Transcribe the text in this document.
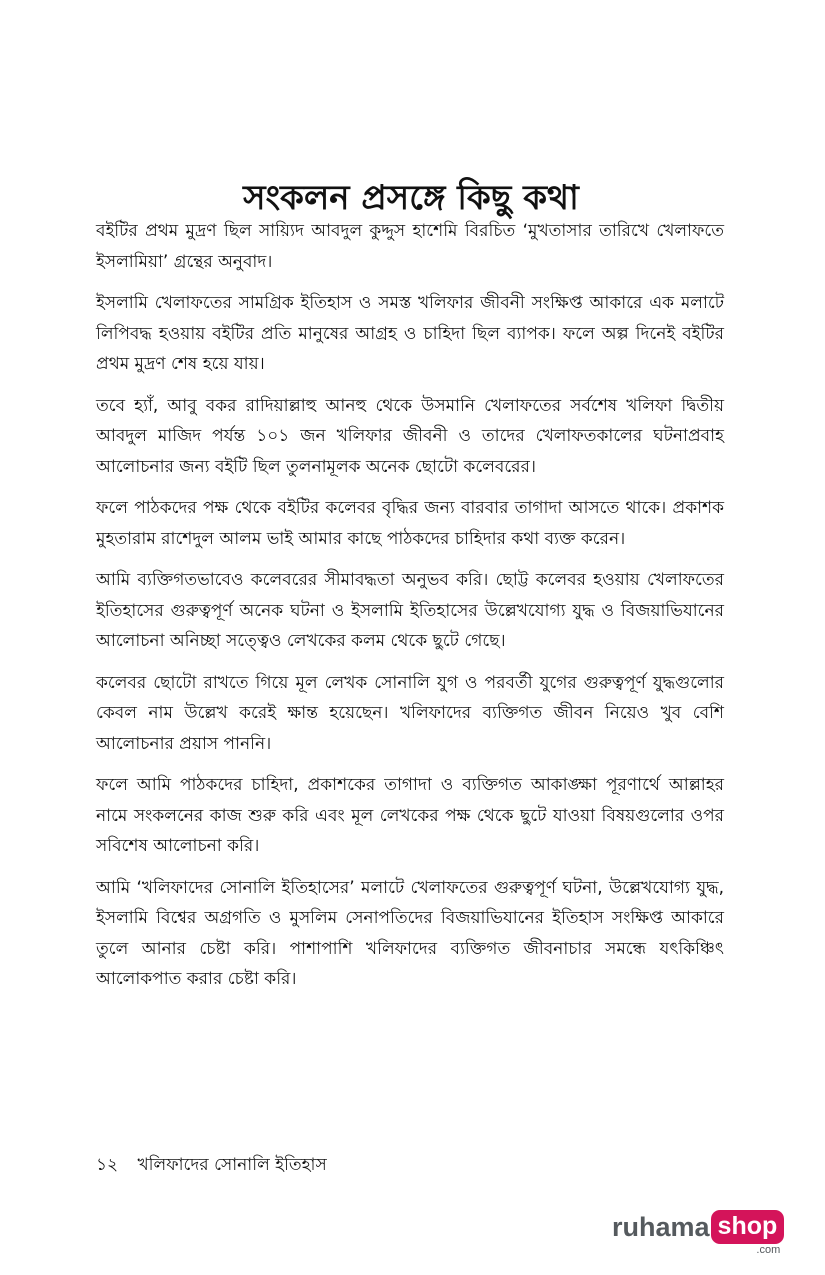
সংকলন প্রসঙ্গে কিছু কথা

বইটির প্রথম মুদ্রণ ছিল সায়্যিদ আবদুল কুদ্দুস হাশেমি বিরচিত ‘মুখতাসার তারিখে খেলাফতে ইসলামিয়া’ গ্রন্থের অনুবাদ।

ইসলামি খেলাফতের সামগ্রিক ইতিহাস ও সমস্ত খলিফার জীবনী সংক্ষিপ্ত আকারে এক মলাটে লিপিবদ্ধ হওয়ায় বইটির প্রতি মানুষের আগ্রহ ও চাহিদা ছিল ব্যাপক। ফলে অল্প দিনেই বইটির প্রথম মুদ্রণ শেষ হয়ে যায়।

তবে হ্যাঁ, আবু বকর রাদিয়াল্লাহু আনহু থেকে উসমানি খেলাফতের সর্বশেষ খলিফা দ্বিতীয় আবদুল মাজিদ পর্যন্ত ১০১ জন খলিফার জীবনী ও তাদের খেলাফতকালের ঘটনাপ্রবাহ আলোচনার জন্য বইটি ছিল তুলনামূলক অনেক ছোটো কলেবরের।

ফলে পাঠকদের পক্ষ থেকে বইটির কলেবর বৃদ্ধির জন্য বারবার তাগাদা আসতে থাকে। প্রকাশক মুহতারাম রাশেদুল আলম ভাই আমার কাছে পাঠকদের চাহিদার কথা ব্যক্ত করেন।

আমি ব্যক্তিগতভাবেও কলেবরের সীমাবদ্ধতা অনুভব করি। ছোট্ট কলেবর হওয়ায় খেলাফতের ইতিহাসের গুরুত্বপূর্ণ অনেক ঘটনা ও ইসলামি ইতিহাসের উল্লেখযোগ্য যুদ্ধ ও বিজয়াভিযানের আলোচনা অনিচ্ছা সত্ত্বেও লেখকের কলম থেকে ছুটে গেছে।

কলেবর ছোটো রাখতে গিয়ে মূল লেখক সোনালি যুগ ও পরবর্তী যুগের গুরুত্বপূর্ণ যুদ্ধগুলোর কেবল নাম উল্লেখ করেই ক্ষান্ত হয়েছেন। খলিফাদের ব্যক্তিগত জীবন নিয়েও খুব বেশি আলোচনার প্রয়াস পাননি।

ফলে আমি পাঠকদের চাহিদা, প্রকাশকের তাগাদা ও ব্যক্তিগত আকাঙ্ক্ষা পূরণার্থে আল্লাহর নামে সংকলনের কাজ শুরু করি এবং মূল লেখকের পক্ষ থেকে ছুটে যাওয়া বিষয়গুলোর ওপর সবিশেষ আলোচনা করি।

আমি ‘খলিফাদের সোনালি ইতিহাসের’ মলাটে খেলাফতের গুরুত্বপূর্ণ ঘটনা, উল্লেখযোগ্য যুদ্ধ, ইসলামি বিশ্বের অগ্রগতি ও মুসলিম সেনাপতিদের বিজয়াভিযানের ইতিহাস সংক্ষিপ্ত আকারে তুলে আনার চেষ্টা করি। পাশাপাশি খলিফাদের ব্যক্তিগত জীবনাচার সমন্ধে যৎকিঞ্চিৎ আলোকপাত করার চেষ্টা করি।

১২ খলিফাদের সোনালি ইতিহাস
ruhama shop
.com
